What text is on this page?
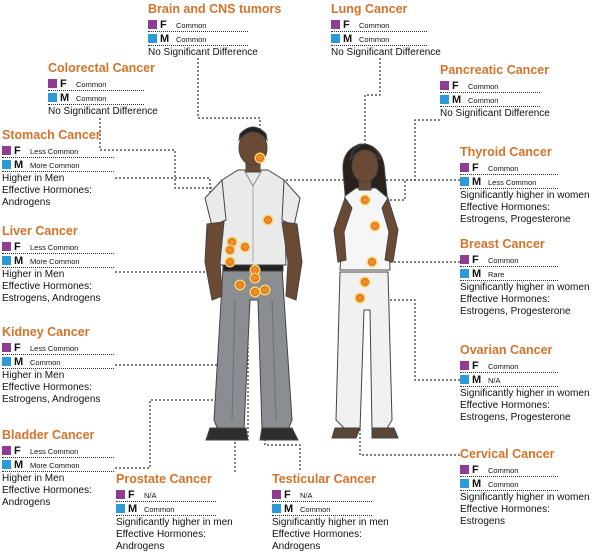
Brain and CNS tumors
F Common
M Common
No Significant Difference
Lung Cancer
F Common
M Common
No Significant Difference
Colorectal Cancer
F Common
M Common
No Significant Difference
Pancreatic Cancer
F Common
M Common
No Significant Difference
Stomach Cancer
F Less Common
M More Common
Higher in Men
Effective Hormones:
Androgens
Thyroid Cancer
F Common
M Less Common
Significantly higher in women
Effective Hormones:
Estrogens, Progesterone
Liver Cancer
F Less Common
M More Common
Higher in Men
Effective Hormones:
Estrogens, Androgens
Breast Cancer
F Common
M Rare
Significantly higher in women
Effective Hormones:
Estrogens, Progesterone
Kidney Cancer
F Less Common
M Common
Higher in Men
Effective Hormones:
Estrogens, Androgens
Ovarian Cancer
F Common
M N/A
Significantly higher in women
Effective Hormones:
Estrogens, Progesterone
Bladder Cancer
F Less Common
M More Common
Higher in Men
Effective Hormones:
Androgens
Cervical Cancer
F Common
M Common
Significantly higher in women
Effective Hormones:
Estrogens
Prostate Cancer
F N/A
M Common
Significantly higher in men
Effective Hormones:
Androgens
Testicular Cancer
F N/A
M Common
Significantly higher in men
Effective Hormones:
Androgens
